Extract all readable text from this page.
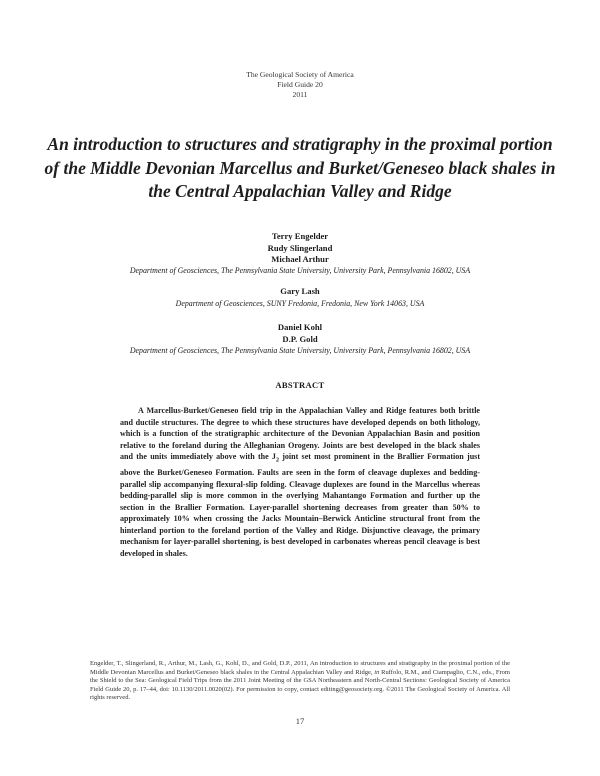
The Geological Society of America
Field Guide 20
2011
An introduction to structures and stratigraphy in the proximal portion of the Middle Devonian Marcellus and Burket/Geneseo black shales in the Central Appalachian Valley and Ridge
Terry Engelder
Rudy Slingerland
Michael Arthur
Department of Geosciences, The Pennsylvania State University, University Park, Pennsylvania 16802, USA
Gary Lash
Department of Geosciences, SUNY Fredonia, Fredonia, New York 14063, USA
Daniel Kohl
D.P. Gold
Department of Geosciences, The Pennsylvania State University, University Park, Pennsylvania 16802, USA
ABSTRACT
A Marcellus-Burket/Geneseo field trip in the Appalachian Valley and Ridge features both brittle and ductile structures. The degree to which these structures have developed depends on both lithology, which is a function of the stratigraphic architecture of the Devonian Appalachian Basin and position relative to the foreland during the Alleghanian Orogeny. Joints are best developed in the black shales and the units immediately above with the $J_2$ joint set most prominent in the Brallier Formation just above the Burket/Geneseo Formation. Faults are seen in the form of cleavage duplexes and bedding-parallel slip accompanying flexural-slip folding. Cleavage duplexes are found in the Marcellus whereas bedding-parallel slip is more common in the overlying Mahantango Formation and further up the section in the Brallier Formation. Layer-parallel shortening decreases from greater than 50% to approximately 10% when crossing the Jacks Mountain–Berwick Anticline structural front from the hinterland portion to the foreland portion of the Valley and Ridge. Disjunctive cleavage, the primary mechanism for layer-parallel shortening, is best developed in carbonates whereas pencil cleavage is best developed in shales.
Engelder, T., Slingerland, R., Arthur, M., Lash, G., Kohl, D., and Gold, D.P., 2011, An introduction to structures and stratigraphy in the proximal portion of the Middle Devonian Marcellus and Burket/Geneseo black shales in the Central Appalachian Valley and Ridge, in Ruffolo, R.M., and Ciampaglio, C.N., eds., From the Shield to the Sea: Geological Field Trips from the 2011 Joint Meeting of the GSA Northeastern and North-Central Sections: Geological Society of America Field Guide 20, p. 17–44, doi: 10.1130/2011.0020(02). For permission to copy, contact editing@geosociety.org. ©2011 The Geological Society of America. All rights reserved.
17
